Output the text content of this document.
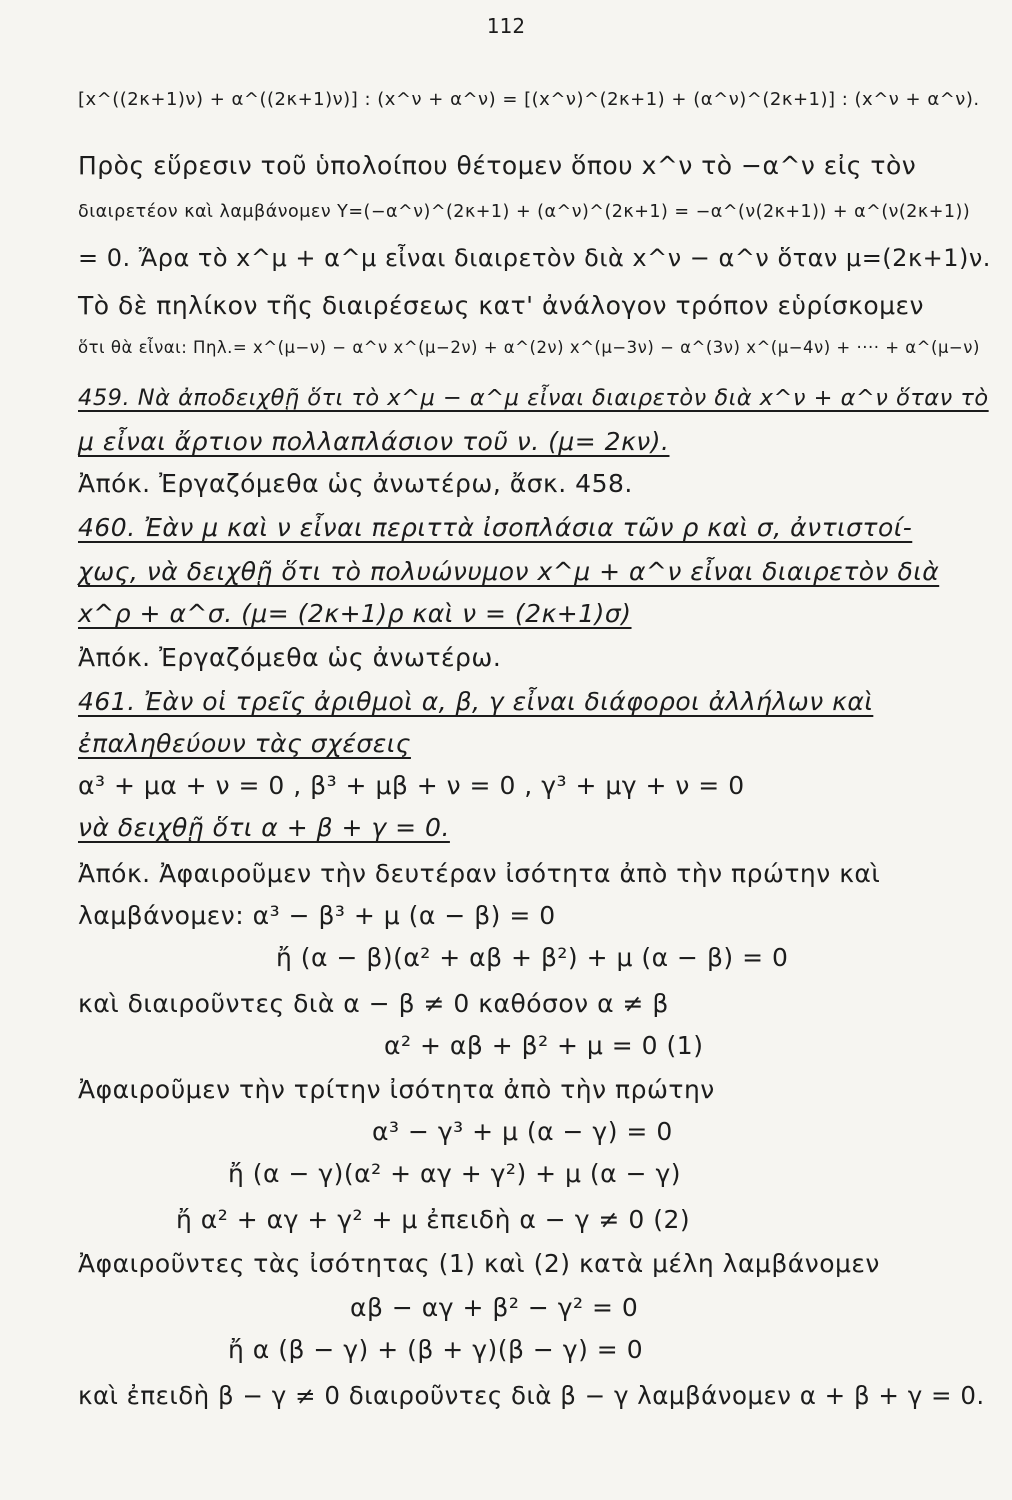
112
[x^((2κ+1)ν) + α^((2κ+1)ν)] : (x^ν + α^ν) = [(x^ν)^(2κ+1) + (α^ν)^(2κ+1)] : (x^ν + α^ν).
Πρὸς εὕρεσιν τοῦ ὑπολοίπου θέτομεν ὅπου x^ν τὸ −α^ν εἰς τὸν
διαιρετέον καὶ λαμβάνομεν Υ=(−α^ν)^(2κ+1) + (α^ν)^(2κ+1) = −α^(ν(2κ+1)) + α^(ν(2κ+1))
= 0. Ἄρα τὸ x^μ + α^μ εἶναι διαιρετὸν διὰ x^ν − α^ν ὅταν μ=(2κ+1)ν.
Τὸ δὲ πηλίκον τῆς διαιρέσεως κατ' ἀνάλογον τρόπον εὑρίσκομεν
ὅτι θὰ εἶναι: Πηλ.= x^(μ−ν) − α^ν x^(μ−2ν) + α^(2ν) x^(μ−3ν) − α^(3ν) x^(μ−4ν) + ···· + α^(μ−ν)
459. Νὰ ἀποδειχθῇ ὅτι τὸ x^μ − α^μ εἶναι διαιρετὸν διὰ x^ν + α^ν ὅταν τὸ
μ εἶναι ἄρτιον πολλαπλάσιον τοῦ ν. (μ= 2κν).
Ἀπόκ. Ἐργαζόμεθα ὡς ἀνωτέρω, ἄσκ. 458.
460. Ἐὰν μ καὶ ν εἶναι περιττὰ ἰσοπλάσια τῶν ρ καὶ σ, ἀντιστοί-
χως, νὰ δειχθῇ ὅτι τὸ πολυώνυμον x^μ + α^ν εἶναι διαιρετὸν διὰ
x^ρ + α^σ. (μ= (2κ+1)ρ καὶ ν = (2κ+1)σ)
Ἀπόκ. Ἐργαζόμεθα ὡς ἀνωτέρω.
461. Ἐὰν οἱ τρεῖς ἀριθμοὶ α, β, γ εἶναι διάφοροι ἀλλήλων καὶ
ἐπαληθεύουν τὰς σχέσεις
α³ + μα + ν = 0 , β³ + μβ + ν = 0 , γ³ + μγ + ν = 0
νὰ δειχθῇ ὅτι α + β + γ = 0.
Ἀπόκ. Ἀφαιροῦμεν τὴν δευτέραν ἰσότητα ἀπὸ τὴν πρώτην καὶ
λαμβάνομεν: α³ − β³ + μ (α − β) = 0
ἤ (α − β)(α² + αβ + β²) + μ (α − β) = 0
καὶ διαιροῦντες διὰ α − β ≠ 0 καθόσον α ≠ β
α² + αβ + β² + μ = 0 (1)
Ἀφαιροῦμεν τὴν τρίτην ἰσότητα ἀπὸ τὴν πρώτην
α³ − γ³ + μ (α − γ) = 0
ἤ (α − γ)(α² + αγ + γ²) + μ (α − γ)
ἤ α² + αγ + γ² + μ ἐπειδὴ α − γ ≠ 0 (2)
Ἀφαιροῦντες τὰς ἰσότητας (1) καὶ (2) κατὰ μέλη λαμβάνομεν
αβ − αγ + β² − γ² = 0
ἤ α (β − γ) + (β + γ)(β − γ) = 0
καὶ ἐπειδὴ β − γ ≠ 0 διαιροῦντες διὰ β − γ λαμβάνομεν α + β + γ = 0.
